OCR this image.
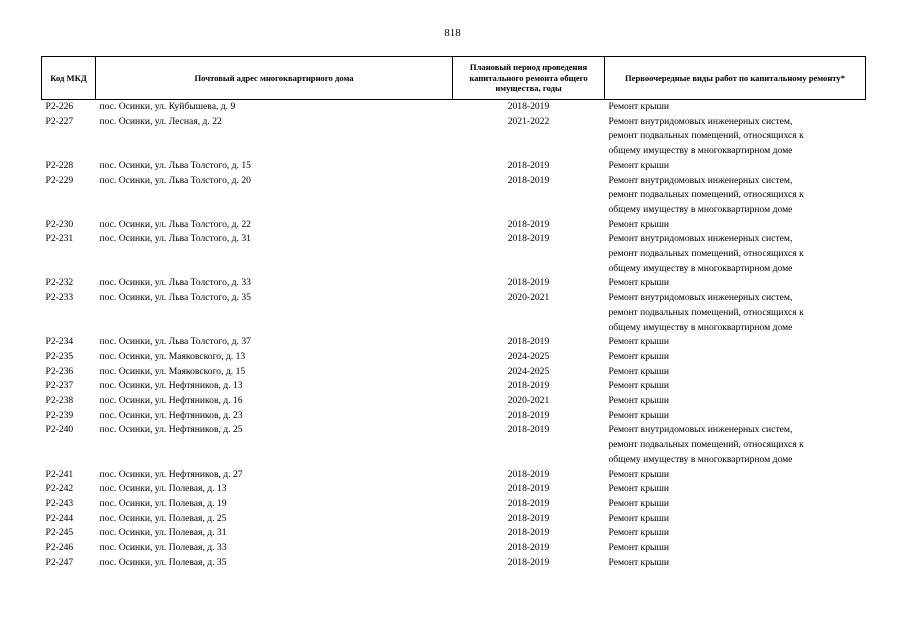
818
Код МКД	Почтовый адрес многоквартирного дома	Плановый период проведения капитального ремонта общего имущества, годы	Первоочередные виды работ по капитальному ремонту*
Р2-226	пос. Осинки, ул. Куйбышева, д. 9	2018-2019	Ремонт крыши

Р2-227	пос. Осинки, ул. Лесная, д. 22	2021-2022	Ремонт внутридомовых инженерных систем,
ремонт подвальных помещений, относящихся к
общему имуществу в многоквартирном доме

Р2-228	пос. Осинки, ул. Льва Толстого, д. 15	2018-2019	Ремонт крыши

Р2-229	пос. Осинки, ул. Льва Толстого, д. 20	2018-2019	Ремонт внутридомовых инженерных систем,
ремонт подвальных помещений, относящихся к
общему имуществу в многоквартирном доме

Р2-230	пос. Осинки, ул. Льва Толстого, д. 22	2018-2019	Ремонт крыши

Р2-231	пос. Осинки, ул. Льва Толстого, д. 31	2018-2019	Ремонт внутридомовых инженерных систем,
ремонт подвальных помещений, относящихся к
общему имуществу в многоквартирном доме

Р2-232	пос. Осинки, ул. Льва Толстого, д. 33	2018-2019	Ремонт крыши

Р2-233	пос. Осинки, ул. Льва Толстого, д. 35	2020-2021	Ремонт внутридомовых инженерных систем,
ремонт подвальных помещений, относящихся к
общему имуществу в многоквартирном доме

Р2-234	пос. Осинки, ул. Льва Толстого, д. 37	2018-2019	Ремонт крыши

Р2-235	пос. Осинки, ул. Маяковского, д. 13	2024-2025	Ремонт крыши

Р2-236	пос. Осинки, ул. Маяковского, д. 15	2024-2025	Ремонт крыши

Р2-237	пос. Осинки, ул. Нефтяников, д. 13	2018-2019	Ремонт крыши

Р2-238	пос. Осинки, ул. Нефтяников, д. 16	2020-2021	Ремонт крыши

Р2-239	пос. Осинки, ул. Нефтяников, д. 23	2018-2019	Ремонт крыши

Р2-240	пос. Осинки, ул. Нефтяников, д. 25	2018-2019	Ремонт внутридомовых инженерных систем,
ремонт подвальных помещений, относящихся к
общему имуществу в многоквартирном доме

Р2-241	пос. Осинки, ул. Нефтяников, д. 27	2018-2019	Ремонт крыши

Р2-242	пос. Осинки, ул. Полевая, д. 13	2018-2019	Ремонт крыши

Р2-243	пос. Осинки, ул. Полевая, д. 19	2018-2019	Ремонт крыши

Р2-244	пос. Осинки, ул. Полевая, д. 25	2018-2019	Ремонт крыши

Р2-245	пос. Осинки, ул. Полевая, д. 31	2018-2019	Ремонт крыши

Р2-246	пос. Осинки, ул. Полевая, д. 33	2018-2019	Ремонт крыши

Р2-247	пос. Осинки, ул. Полевая, д. 35	2018-2019	Ремонт крыши
